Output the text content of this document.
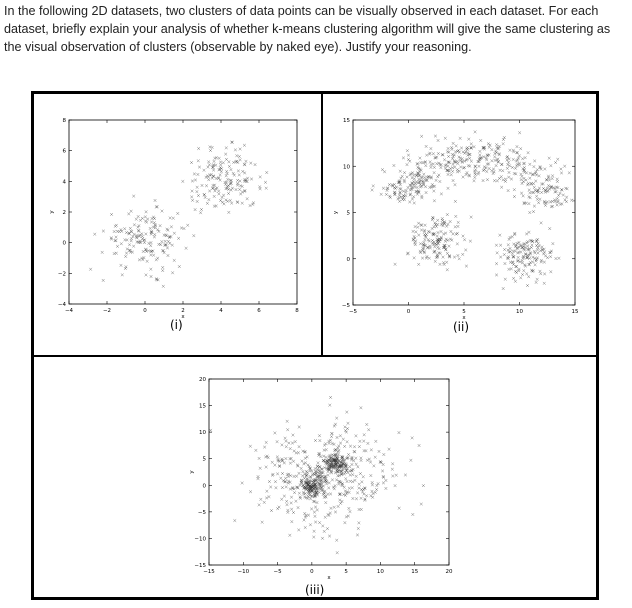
In the following 2D datasets, two clusters of data points can be visually observed in each dataset. For each dataset, briefly explain your analysis of whether k-means clustering algorithm will give the same clustering as the visual observation of clusters (observable by naked eye). Justify your reasoning.

−4	−2	0	2	4	6	8
−4
−2
0
2
4
6
8
x
y
(i)
−5	0	5	10	15
−5
0
5
10
15
x
y
(ii)
−15	−10	−5	0	5	10	15	20
−15
−10
−5
0
5
10
15
20
x
y
(iii)
